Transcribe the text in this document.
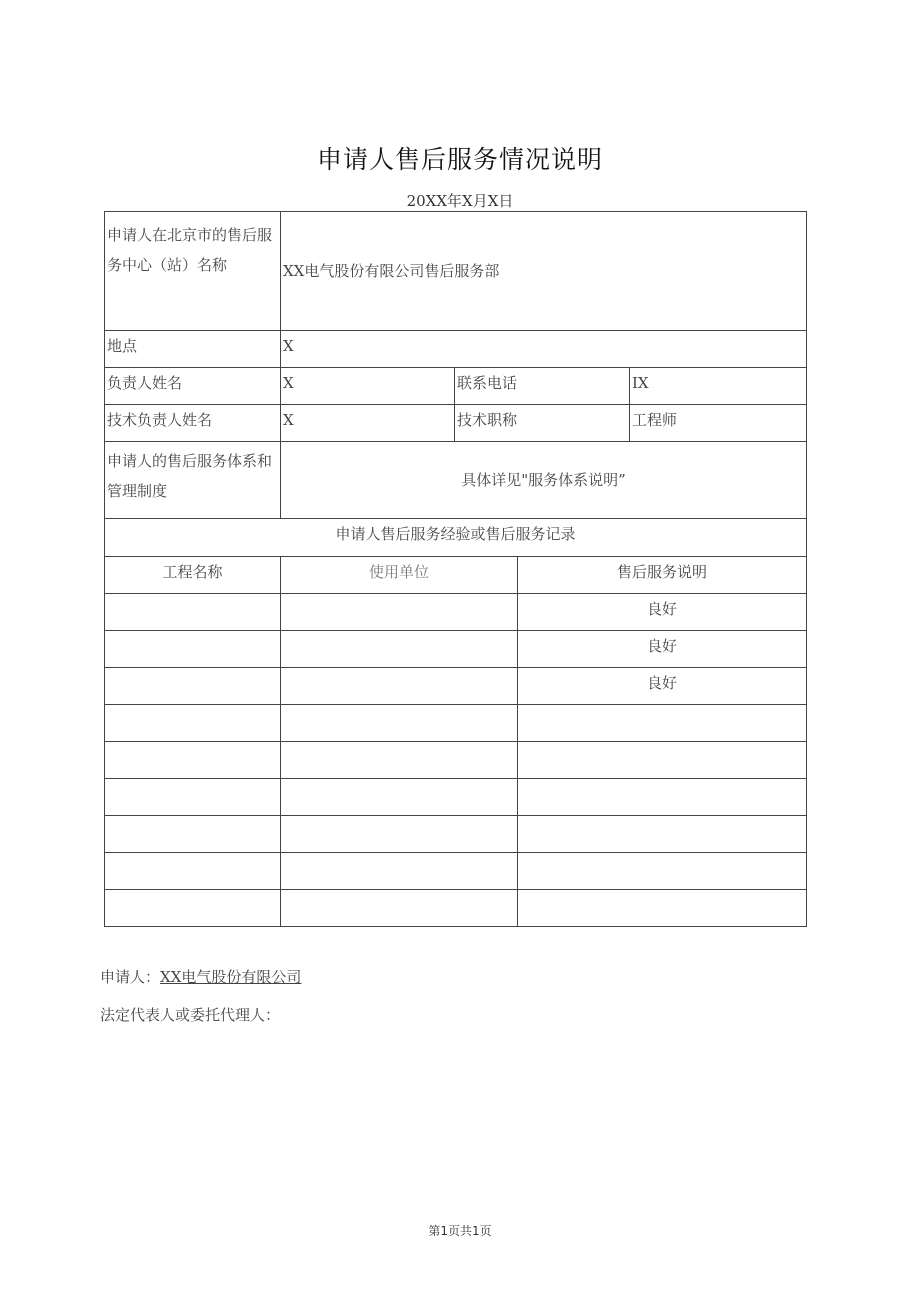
申请人售后服务情况说明
20XX年X月X日
申请人在北京市的售后服务中心（站）名称	XX电气股份有限公司售后服务部			
地点	X			
负责人姓名	X	联系电话		IX
技术负责人姓名	X	技术职称		工程师
申请人的售后服务体系和管理制度	具体详见"服务体系说明”			
申请人售后服务经验或售后服务记录				
工程名称	使用单位		售后服务说明	
			良好	
			良好	
			良好	

申请人：XX电气股份有限公司
法定代表人或委托代理人：
第1页共1页
